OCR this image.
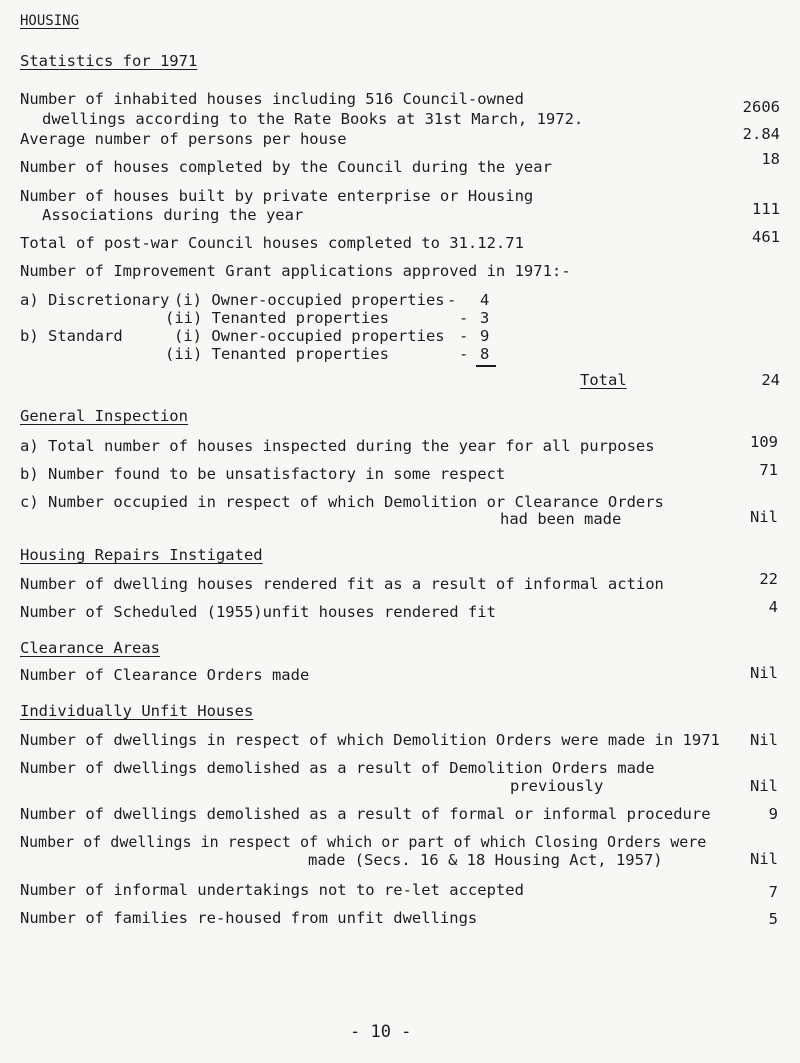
HOUSING
Statistics for 1971
Number of inhabited houses including 516 Council-owned
dwellings according to the Rate Books at 31st March, 1972.
2606
Average number of persons per house	2.84
Number of houses completed by the Council during the year	18
Number of houses built by private enterprise or Housing
Associations during the year	111
Total of post-war Council houses completed to 31.12.71	461
Number of Improvement Grant applications approved in 1971:-
a) Discretionary (i) Owner-occupied properties - 4
(ii) Tenanted properties	- 3
b) Standard	(i) Owner-occupied properties - 9
(ii) Tenanted properties	- 8
Total	24
General Inspection
a) Total number of houses inspected during the year for all purposes	109
b) Number found to be unsatisfactory in some respect	71
c) Number occupied in respect of which Demolition or Clearance Orders
had been made	Nil
Housing Repairs Instigated
Number of dwelling houses rendered fit as a result of informal action	22
Number of Scheduled (1955)unfit houses rendered fit	4
Clearance Areas
Number of Clearance Orders made	Nil
Individually Unfit Houses
Number of dwellings in respect of which Demolition Orders were made in 1971	Nil
Number of dwellings demolished as a result of Demolition Orders made
previously	Nil
Number of dwellings demolished as a result of formal or informal procedure	9
Number of dwellings in respect of which or part of which Closing Orders were
made (Secs. 16 & 18 Housing Act, 1957)	Nil
Number of informal undertakings not to re-let accepted	7
Number of families re-housed from unfit dwellings	5
- 10 -
